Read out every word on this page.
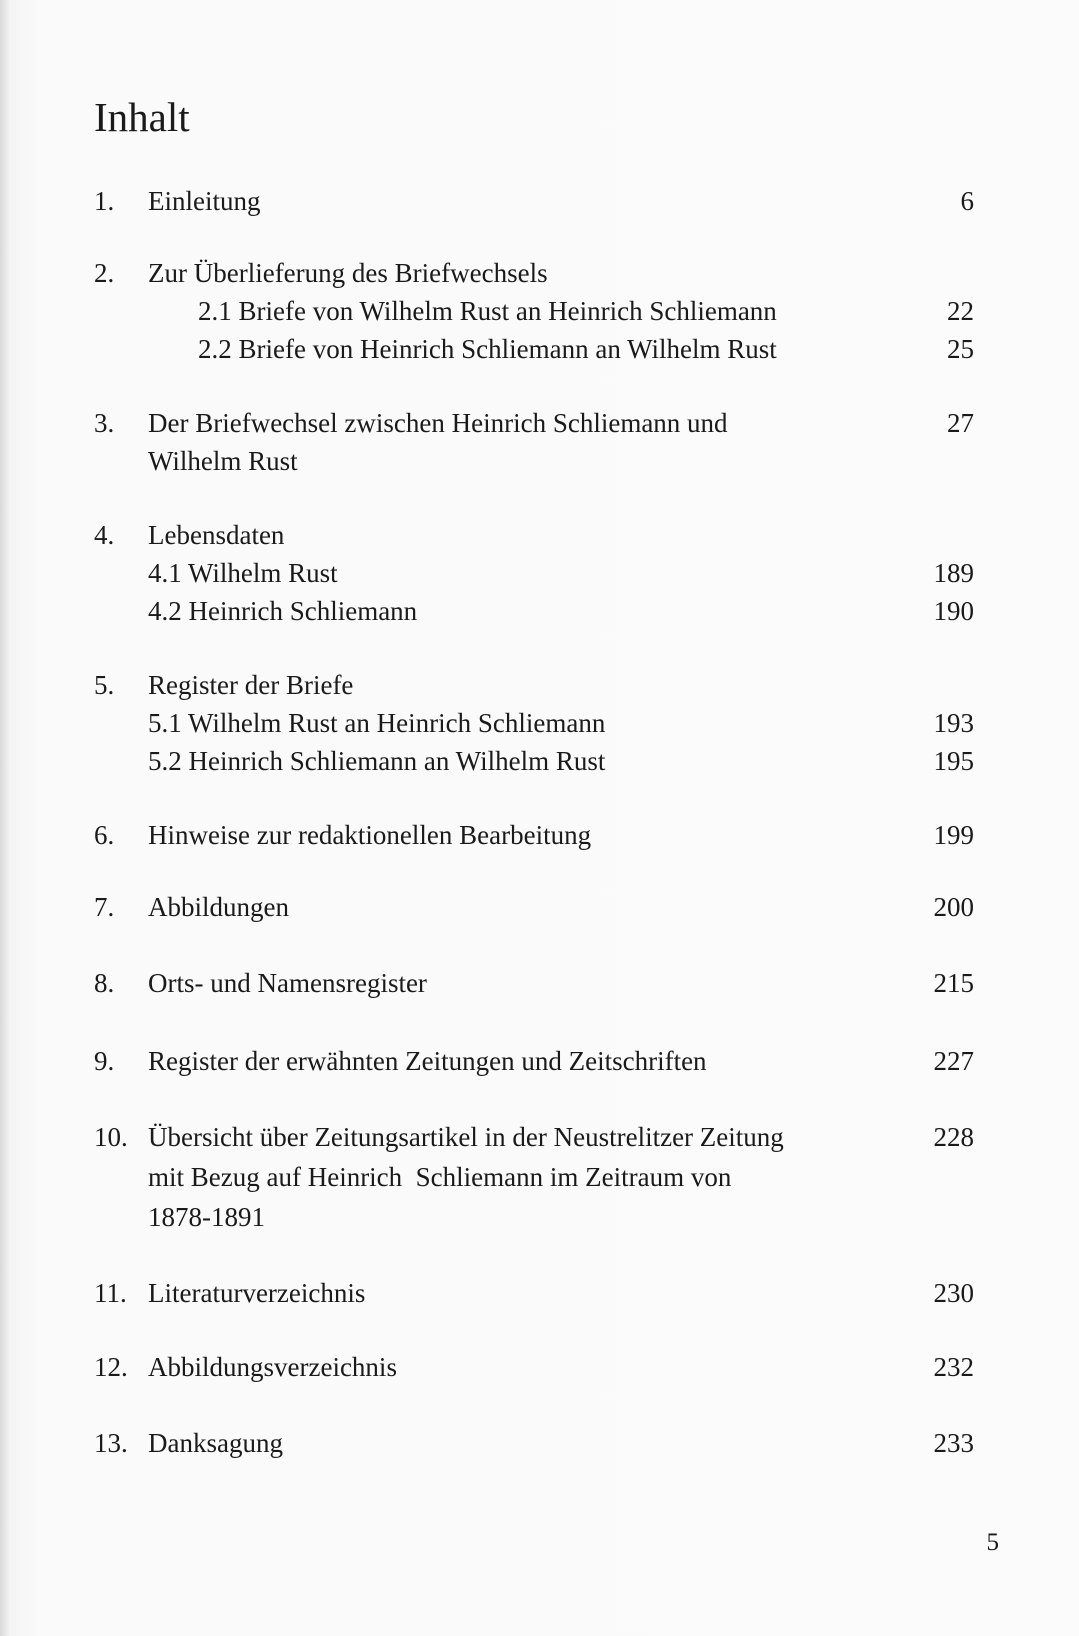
Inhalt
1. Einleitung	6
2. Zur Überlieferung des Briefwechsels
2.1 Briefe von Wilhelm Rust an Heinrich Schliemann	22
2.2 Briefe von Heinrich Schliemann an Wilhelm Rust	25
3. Der Briefwechsel zwischen Heinrich Schliemann und	27
Wilhelm Rust
4. Lebensdaten
4.1 Wilhelm Rust	189
4.2 Heinrich Schliemann	190
5. Register der Briefe
5.1 Wilhelm Rust an Heinrich Schliemann	193
5.2 Heinrich Schliemann an Wilhelm Rust	195
6. Hinweise zur redaktionellen Bearbeitung	199
7. Abbildungen	200
8. Orts- und Namensregister	215
9. Register der erwähnten Zeitungen und Zeitschriften	227
10. Übersicht über Zeitungsartikel in der Neustrelitzer Zeitung	228
mit Bezug auf Heinrich  Schliemann im Zeitraum von
1878-1891
11. Literaturverzeichnis	230
12. Abbildungsverzeichnis	232
13. Danksagung	233
5
